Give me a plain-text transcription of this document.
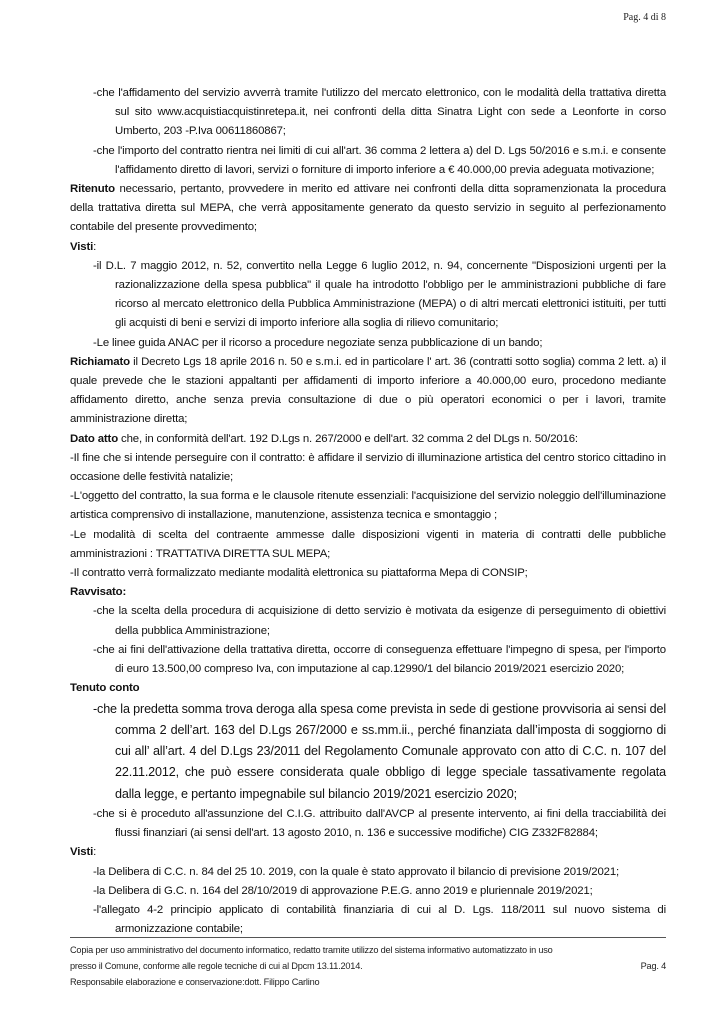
Pag. 4 di 8
-che l'affidamento del servizio avverrà tramite l'utilizzo del mercato elettronico, con le modalità della trattativa diretta sul sito www.acquistiacquistinretepa.it, nei confronti della ditta Sinatra Light con sede a Leonforte in corso Umberto, 203 -P.Iva 00611860867;
-che l'importo del contratto rientra nei limiti di cui all'art. 36 comma 2 lettera a) del D. Lgs 50/2016 e s.m.i. e consente l'affidamento diretto di lavori, servizi o forniture di importo inferiore a € 40.000,00 previa adeguata motivazione;
Ritenuto necessario, pertanto, provvedere in merito ed attivare nei confronti della ditta sopramenzionata la procedura della trattativa diretta sul MEPA, che verrà appositamente generato da questo servizio in seguito al perfezionamento contabile del presente provvedimento;
Visti:
-il D.L. 7 maggio 2012, n. 52, convertito nella Legge 6 luglio 2012, n. 94, concernente "Disposizioni urgenti per la razionalizzazione della spesa pubblica" il quale ha introdotto l'obbligo per le amministrazioni pubbliche di fare ricorso al mercato elettronico della Pubblica Amministrazione (MEPA) o di altri mercati elettronici istituiti, per tutti gli acquisti di beni e servizi di importo inferiore alla soglia di rilievo comunitario;
-Le linee guida ANAC per il ricorso a procedure negoziate senza pubblicazione di un bando;
Richiamato il Decreto Lgs 18 aprile 2016 n. 50 e s.m.i. ed in particolare l' art. 36 (contratti sotto soglia) comma 2 lett. a) il quale prevede che le stazioni appaltanti per affidamenti di importo inferiore a 40.000,00 euro, procedono mediante affidamento diretto, anche senza previa consultazione di due o più operatori economici o per i lavori, tramite amministrazione diretta;
Dato atto che, in conformità dell'art. 192 D.Lgs n. 267/2000 e dell'art. 32 comma 2 del DLgs n. 50/2016:
-Il fine che si intende perseguire con il contratto: è affidare il servizio di illuminazione artistica del centro storico cittadino in occasione delle festività natalizie;
-L'oggetto del contratto, la sua forma e le clausole ritenute essenziali: l'acquisizione del servizio noleggio dell'illuminazione artistica comprensivo di installazione, manutenzione, assistenza tecnica e smontaggio ;
-Le modalità di scelta del contraente ammesse dalle disposizioni vigenti in materia di contratti delle pubbliche amministrazioni : TRATTATIVA DIRETTA SUL MEPA;
-Il contratto verrà formalizzato mediante modalità elettronica su piattaforma Mepa di CONSIP;
Ravvisato:
-che la scelta della procedura di acquisizione di detto servizio è motivata da esigenze di perseguimento di obiettivi della pubblica Amministrazione;
-che ai fini dell'attivazione della trattativa diretta, occorre di conseguenza effettuare l'impegno di spesa, per l'importo di euro 13.500,00 compreso Iva, con imputazione al cap.12990/1 del bilancio 2019/2021 esercizio 2020;
Tenuto conto
-che la predetta somma trova deroga alla spesa come prevista in sede di gestione provvisoria ai sensi del comma 2 dell’art. 163 del D.Lgs 267/2000 e ss.mm.ii., perché finanziata dall’imposta di soggiorno di cui all’ all’art. 4 del D.Lgs 23/2011 del Regolamento Comunale approvato con atto di C.C. n. 107 del 22.11.2012, che può essere considerata quale obbligo di legge speciale tassativamente regolata dalla legge, e pertanto impegnabile sul bilancio 2019/2021 esercizio 2020;
-che si è proceduto all'assunzione del C.I.G. attribuito dall'AVCP al presente intervento, ai fini della tracciabilità dei flussi finanziari (ai sensi dell'art. 13 agosto 2010, n. 136 e successive modifiche) CIG Z332F82884;
Visti:
-la Delibera di C.C. n. 84 del 25 10. 2019, con la quale è stato approvato il bilancio di previsione 2019/2021;
-la Delibera di G.C. n. 164 del 28/10/2019 di approvazione P.E.G. anno 2019 e pluriennale 2019/2021;
-l'allegato 4-2 principio applicato di contabilità finanziaria di cui al D. Lgs. 118/2011 sul nuovo sistema di armonizzazione contabile;
Copia per uso amministrativo del documento informatico, redatto tramite utilizzo del sistema informativo automatizzato in uso
presso il Comune, conforme alle regole tecniche di cui al Dpcm 13.11.2014.	Pag. 4
Responsabile elaborazione e conservazione:dott. Filippo Carlino
